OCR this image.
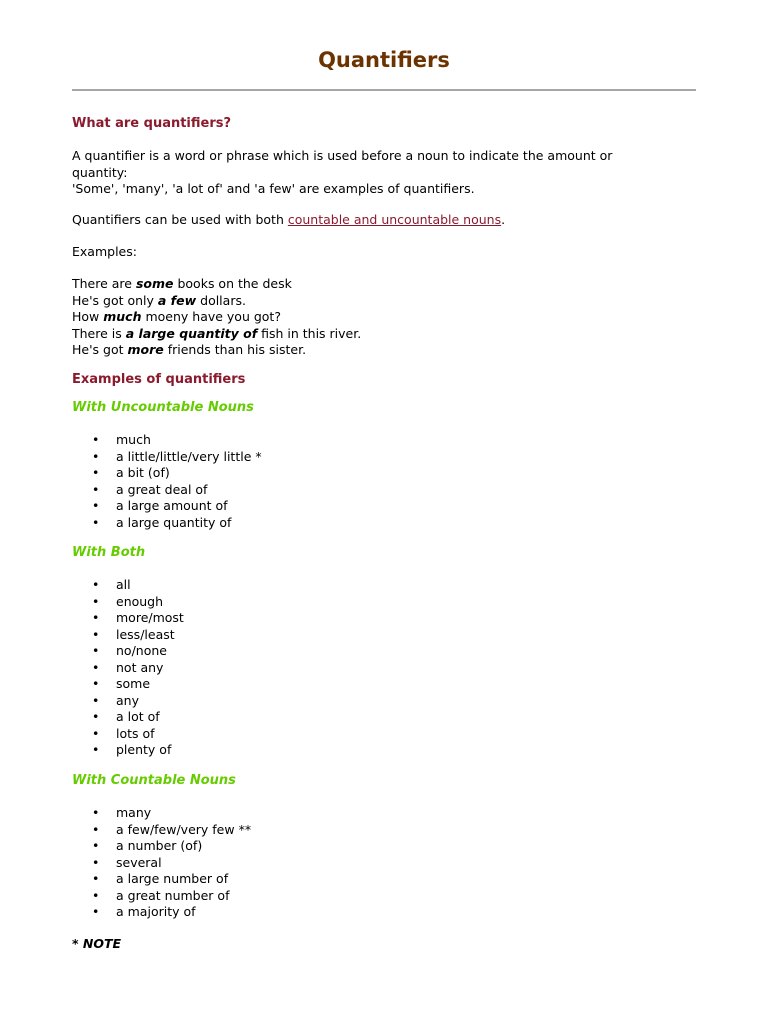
Quantifiers

What are quantifiers?

A quantifier is a word or phrase which is used before a noun to indicate the amount or

quantity:

'Some', 'many', 'a lot of' and 'a few' are examples of quantifiers.

Quantifiers can be used with both countable and uncountable nouns.

Examples:

There are some books on the desk

He's got only a few dollars.

How much moeny have you got?

There is a large quantity of fish in this river.

He's got more friends than his sister.

Examples of quantifiers

With Uncountable Nouns

• much
• a little/little/very little *
• a bit (of)
• a great deal of
• a large amount of
• a large quantity of

With Both

• all
• enough
• more/most
• less/least
• no/none
• not any
• some
• any
• a lot of
• lots of
• plenty of

With Countable Nouns

• many
• a few/few/very few **
• a number (of)
• several
• a large number of
• a great number of
• a majority of

* NOTE
